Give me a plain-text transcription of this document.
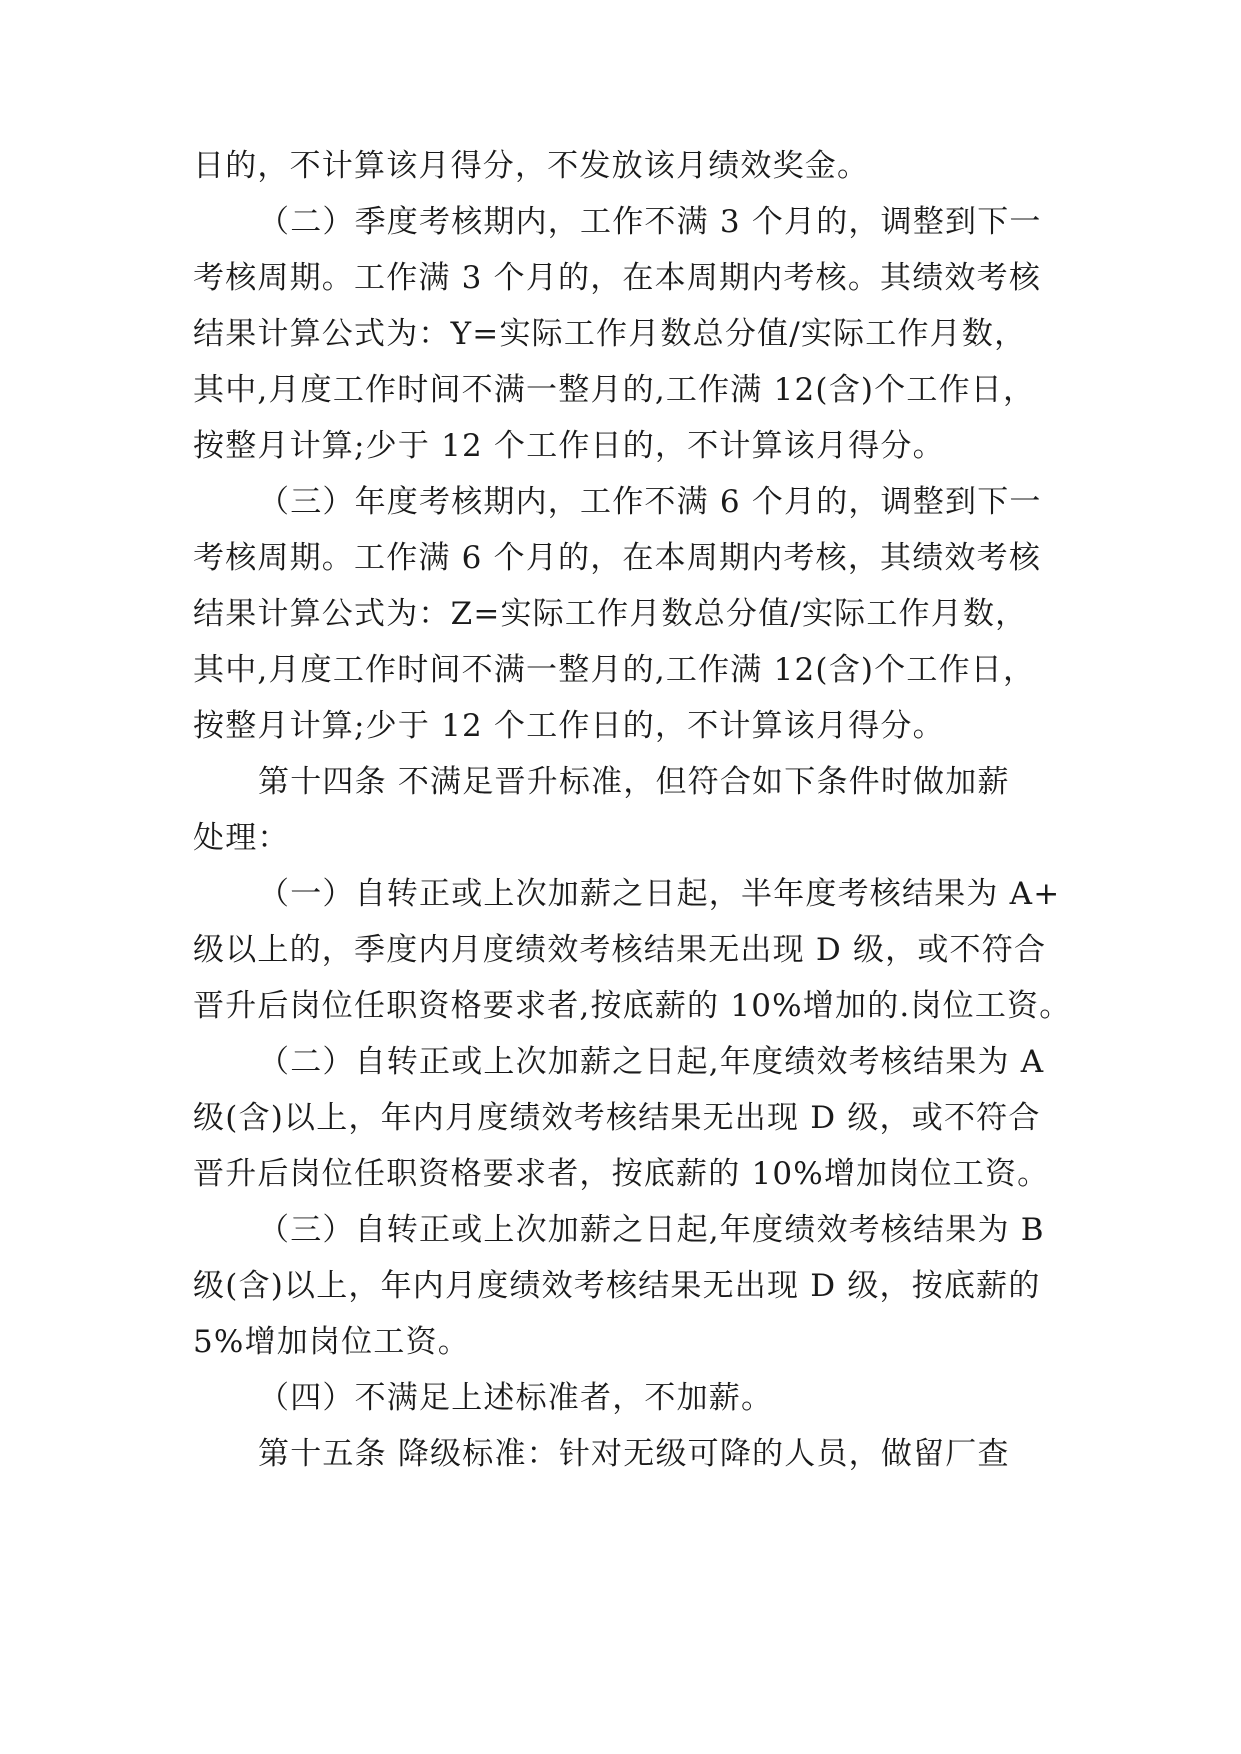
日的，不计算该月得分，不发放该月绩效奖金。
（二）季度考核期内，工作不满 3 个月的，调整到下一
考核周期。工作满 3 个月的，在本周期内考核。其绩效考核
结果计算公式为：Y=实际工作月数总分值/实际工作月数，
其中,月度工作时间不满一整月的,工作满 12(含)个工作日，
按整月计算;少于 12 个工作日的，不计算该月得分。
（三）年度考核期内，工作不满 6 个月的，调整到下一
考核周期。工作满 6 个月的，在本周期内考核，其绩效考核
结果计算公式为：Z=实际工作月数总分值/实际工作月数，
其中,月度工作时间不满一整月的,工作满 12(含)个工作日，
按整月计算;少于 12 个工作日的，不计算该月得分。
第十四条 不满足晋升标准，但符合如下条件时做加薪
处理：
（一）自转正或上次加薪之日起，半年度考核结果为 A+
级以上的，季度内月度绩效考核结果无出现 D 级，或不符合
晋升后岗位任职资格要求者,按底薪的 10%增加的.岗位工资。
（二）自转正或上次加薪之日起,年度绩效考核结果为 A
级(含)以上，年内月度绩效考核结果无出现 D 级，或不符合
晋升后岗位任职资格要求者，按底薪的 10%增加岗位工资。
（三）自转正或上次加薪之日起,年度绩效考核结果为 B
级(含)以上，年内月度绩效考核结果无出现 D 级，按底薪的
5%增加岗位工资。
（四）不满足上述标准者，不加薪。
第十五条 降级标准：针对无级可降的人员，做留厂查
